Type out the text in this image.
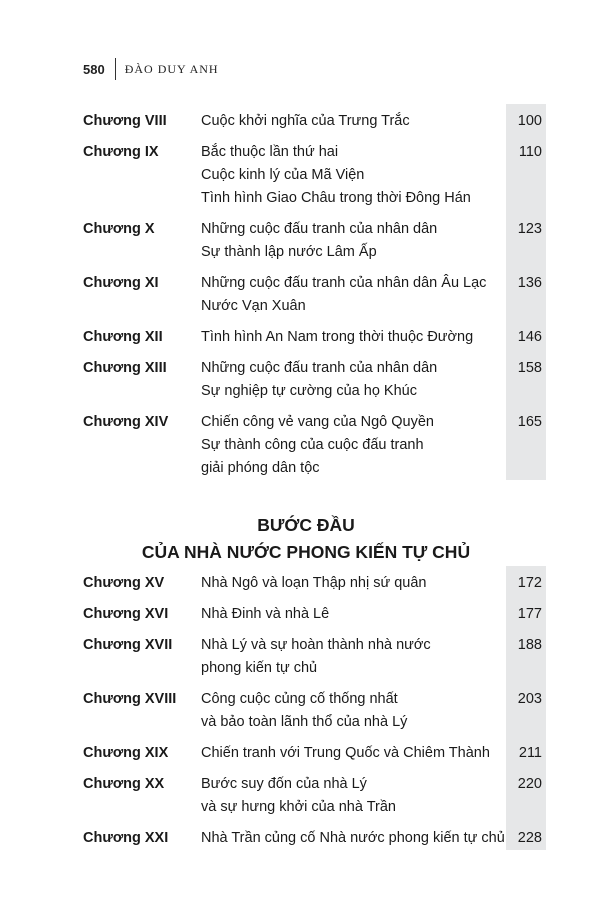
580 ĐÀO DUY ANH
Chương VIII	Cuộc khởi nghĩa của Trưng Trắc	100
Chương IX	Bắc thuộc lần thứ hai
Cuộc kinh lý của Mã Viện
Tình hình Giao Châu trong thời Đông Hán
110
Chương X	Những cuộc đấu tranh của nhân dân
Sự thành lập nước Lâm Ấp
123
Chương XI	Những cuộc đấu tranh của nhân dân Âu Lạc
Nước Vạn Xuân
136
Chương XII	Tình hình An Nam trong thời thuộc Đường	146
Chương XIII	Những cuộc đấu tranh của nhân dân
Sự nghiệp tự cường của họ Khúc
158
Chương XIV	Chiến công vẻ vang của Ngô Quyền
Sự thành công của cuộc đấu tranh
giải phóng dân tộc
165
BƯỚC ĐẦU
CỦA NHÀ NƯỚC PHONG KIẾN TỰ CHỦ
Chương XV	Nhà Ngô và loạn Thập nhị sứ quân	172
Chương XVI	Nhà Đinh và nhà Lê	177
Chương XVII	Nhà Lý và sự hoàn thành nhà nước
phong kiến tự chủ
188
Chương XVIII	Công cuộc củng cố thống nhất
và bảo toàn lãnh thổ của nhà Lý
203
Chương XIX	Chiến tranh với Trung Quốc và Chiêm Thành	211
Chương XX	Bước suy đốn của nhà Lý
và sự hưng khởi của nhà Trần
220
Chương XXI	Nhà Trần củng cố Nhà nước phong kiến tự chủ 228
